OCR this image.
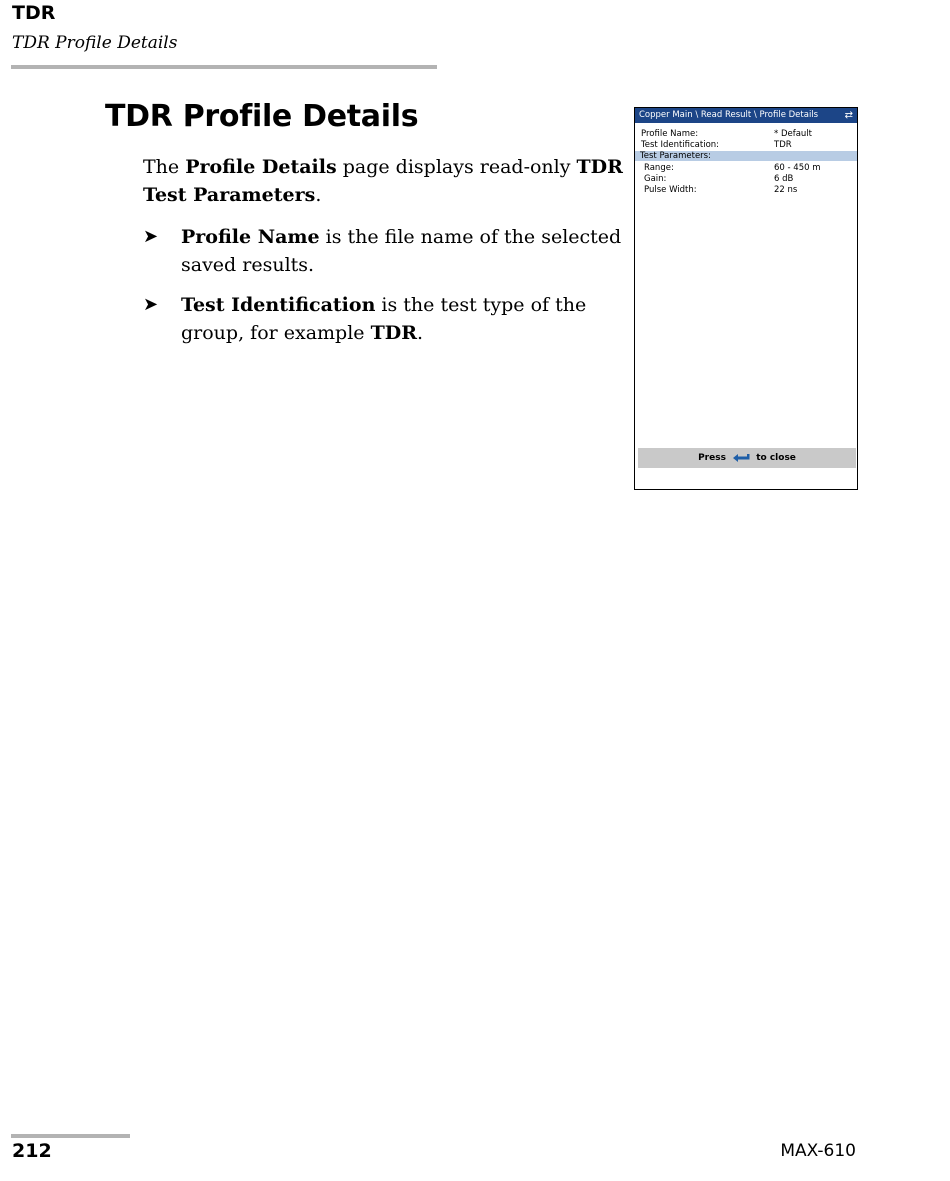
TDR
TDR Profile Details
TDR Profile Details

The Profile Details page displays read-only TDR Test Parameters.

➤ Profile Name is the file name of the selected saved results.
➤ Test Identification is the test type of the group, for example TDR.
Copper Main \ Read Result \ Profile Details	⇄
Profile Name:	* Default
Test Identification:	TDR
Test Parameters:
Range:	60 - 450 m
Gain:	6 dB
Pulse Width:	22 ns
Press	to close
212	MAX-610
